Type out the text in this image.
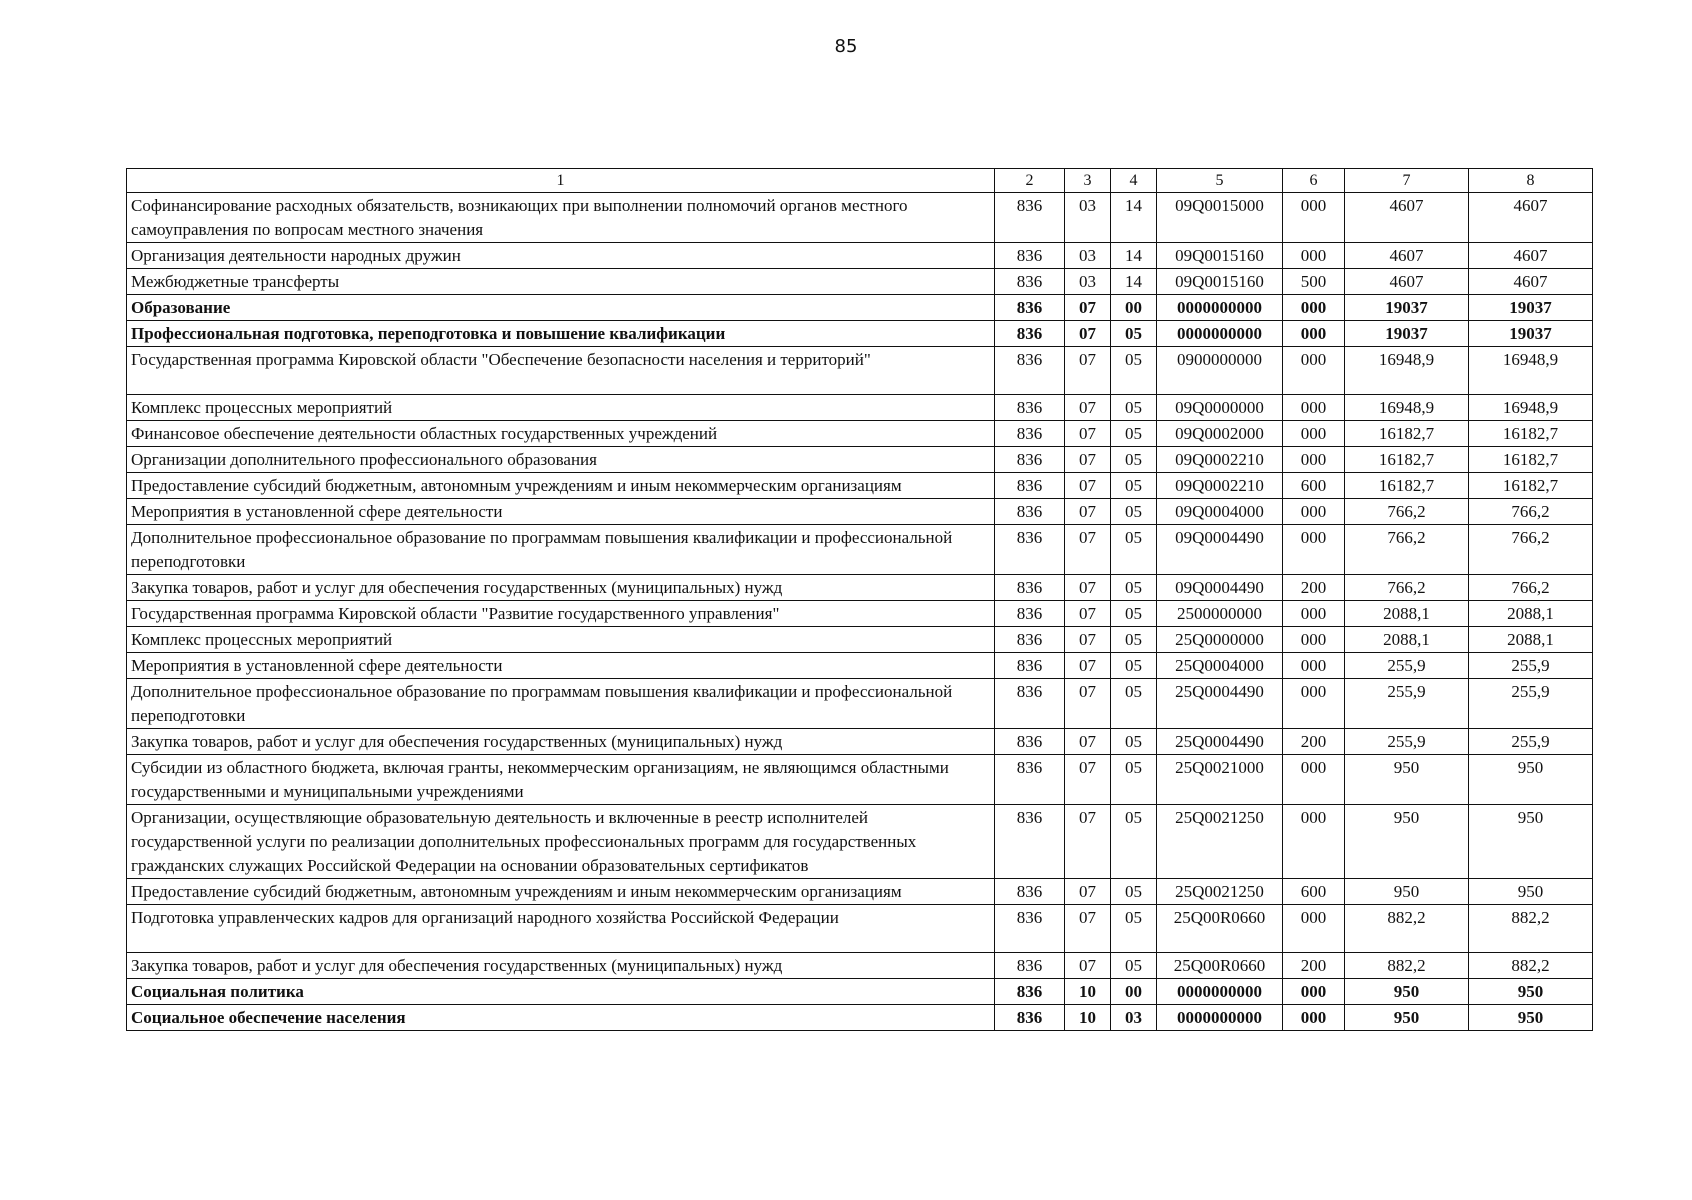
85
1	2	3	4	5	6	7	8
Софинансирование расходных обязательств, возникающих при выполнении полномочий органов местного самоуправления по вопросам местного значения	836	03	14	09Q0015000	000	4607	4607
Организация деятельности народных дружин	836	03	14	09Q0015160	000	4607	4607
Межбюджетные трансферты	836	03	14	09Q0015160	500	4607	4607
Образование	836	07	00	0000000000	000	19037	19037
Профессиональная подготовка, переподготовка и повышение квалификации	836	07	05	0000000000	000	19037	19037
Государственная программа Кировской области "Обеспечение безопасности населения и территорий"	836	07	05	0900000000	000	16948,9	16948,9
Комплекс процессных мероприятий	836	07	05	09Q0000000	000	16948,9	16948,9
Финансовое обеспечение деятельности областных государственных учреждений	836	07	05	09Q0002000	000	16182,7	16182,7
Организации дополнительного профессионального образования	836	07	05	09Q0002210	000	16182,7	16182,7
Предоставление субсидий бюджетным, автономным учреждениям и иным некоммерческим организациям	836	07	05	09Q0002210	600	16182,7	16182,7
Мероприятия в установленной сфере деятельности	836	07	05	09Q0004000	000	766,2	766,2
Дополнительное профессиональное образование по программам повышения квалификации и профессиональной переподготовки	836	07	05	09Q0004490	000	766,2	766,2
Закупка товаров, работ и услуг для обеспечения государственных (муниципальных) нужд	836	07	05	09Q0004490	200	766,2	766,2
Государственная программа Кировской области "Развитие государственного управления"	836	07	05	2500000000	000	2088,1	2088,1
Комплекс процессных мероприятий	836	07	05	25Q0000000	000	2088,1	2088,1
Мероприятия в установленной сфере деятельности	836	07	05	25Q0004000	000	255,9	255,9
Дополнительное профессиональное образование по программам повышения квалификации и профессиональной переподготовки	836	07	05	25Q0004490	000	255,9	255,9
Закупка товаров, работ и услуг для обеспечения государственных (муниципальных) нужд	836	07	05	25Q0004490	200	255,9	255,9
Субсидии из областного бюджета, включая гранты, некоммерческим организациям, не являющимся областными государственными и муниципальными учреждениями	836	07	05	25Q0021000	000	950	950
Организации, осуществляющие образовательную деятельность и включенные в реестр исполнителей государственной услуги по реализации дополнительных профессиональных программ для государственных гражданских служащих Российской Федерации на основании образовательных сертификатов	836	07	05	25Q0021250	000	950	950
Предоставление субсидий бюджетным, автономным учреждениям и иным некоммерческим организациям	836	07	05	25Q0021250	600	950	950
Подготовка управленческих кадров для организаций народного хозяйства Российской Федерации	836	07	05	25Q00R0660	000	882,2	882,2
Закупка товаров, работ и услуг для обеспечения государственных (муниципальных) нужд	836	07	05	25Q00R0660	200	882,2	882,2
Социальная политика	836	10	00	0000000000	000	950	950
Социальное обеспечение населения	836	10	03	0000000000	000	950	950
